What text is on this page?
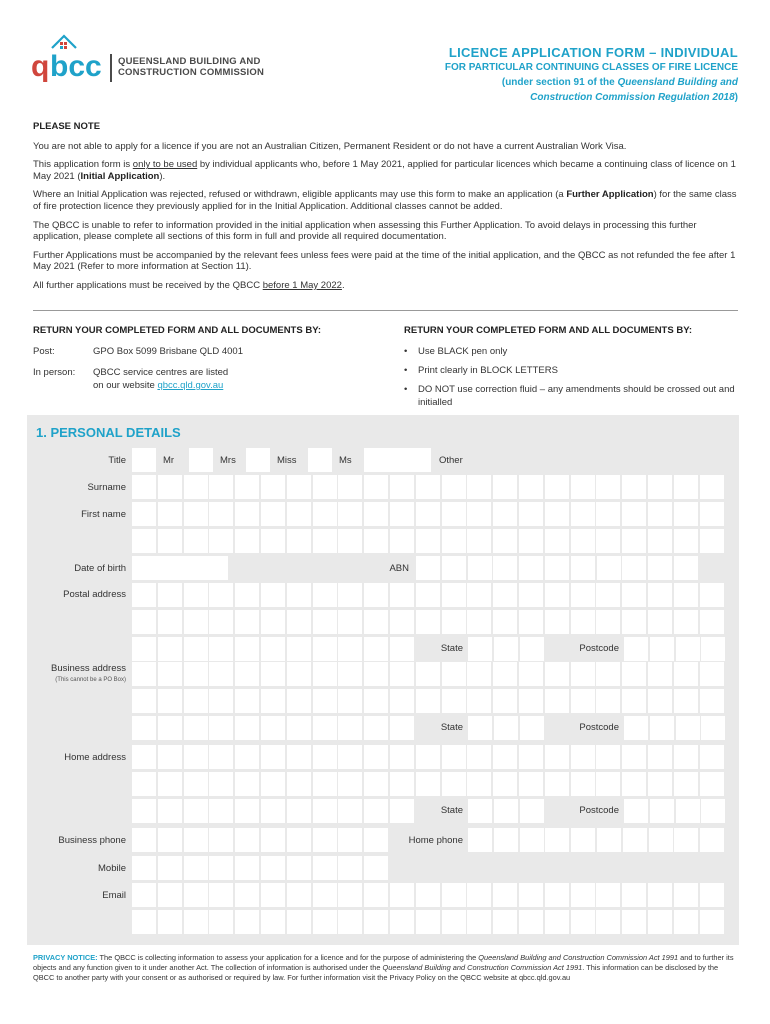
q bcc QUEENSLAND BUILDING AND
CONSTRUCTION COMMISSION
LICENCE APPLICATION FORM – INDIVIDUAL
FOR PARTICULAR CONTINUING CLASSES OF FIRE LICENCE
(under section 91 of the Queensland Building and
Construction Commission Regulation 2018)
PLEASE NOTE

You are not able to apply for a licence if you are not an Australian Citizen, Permanent Resident or do not have a current Australian Work Visa.

This application form is only to be used by individual applicants who, before 1 May 2021, applied for particular licences which became a continuing class of licence on 1 May 2021 (Initial Application).

Where an Initial Application was rejected, refused or withdrawn, eligible applicants may use this form to make an application (a Further Application) for the same class of fire protection licence they previously applied for in the Initial Application. Additional classes cannot be added.

The QBCC is unable to refer to information provided in the initial application when assessing this Further Application. To avoid delays in processing this further application, please complete all sections of this form in full and provide all required documentation.

Further Applications must be accompanied by the relevant fees unless fees were paid at the time of the initial application, and the QBCC as not refunded the fee after 1 May 2021 (Refer to more information at Section 11).

All further applications must be received by the QBCC before 1 May 2022.

RETURN YOUR COMPLETED FORM AND ALL DOCUMENTS BY:
Post:	GPO Box 5099 Brisbane QLD 4001
In person:	QBCC service centres are listed
on our website qbcc.qld.gov.au
RETURN YOUR COMPLETED FORM AND ALL DOCUMENTS BY:
• Use BLACK pen only
• Print clearly in BLOCK LETTERS
• DO NOT use correction fluid – any amendments should be crossed out and initialled
1. PERSONAL DETAILS
Title	Mr	Mrs	Miss	Ms	Other
Surname
First name
Date of birth	ABN
Postal address
State	Postcode
Business address
(This cannot be a PO Box)
State	Postcode
Home address
State	Postcode
Business phone	Home phone
Mobile
Email
PRIVACY NOTICE: The QBCC is collecting information to assess your application for a licence and for the purpose of administering the Queensland Building and Construction Commission Act 1991 and to further its objects and any function given to it under another Act. The collection of information is authorised under the Queensland Building and Construction Commission Act 1991. This information can be disclosed by the QBCC to another party with your consent or as authorised or required by law. For further information visit the Privacy Policy on the QBCC website at qbcc.qld.gov.au
